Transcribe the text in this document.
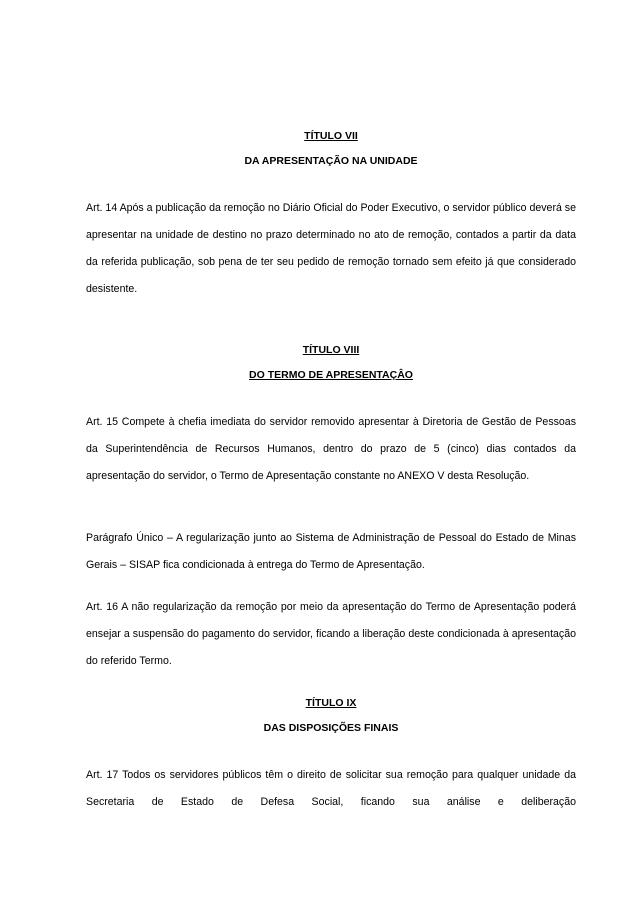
TÍTULO VII
DA APRESENTAÇÃO NA UNIDADE
Art. 14 Após a publicação da remoção no Diário Oficial do Poder Executivo, o servidor público deverá se apresentar na unidade de destino no prazo determinado no ato de remoção, contados a partir da data da referida publicação, sob pena de ter seu pedido de remoção tornado sem efeito já que considerado desistente.
TÍTULO VIII
DO TERMO DE APRESENTAÇÂO
Art. 15 Compete à chefia imediata do servidor removido apresentar à Diretoria de Gestão de Pessoas da Superintendência de Recursos Humanos, dentro do prazo de 5 (cinco) dias contados da apresentação do servidor, o Termo de Apresentação constante no ANEXO V desta Resolução.
Parágrafo Único – A regularização junto ao Sistema de Administração de Pessoal do Estado de Minas Gerais – SISAP fica condicionada à entrega do Termo de Apresentação.
Art. 16 A não regularização da remoção por meio da apresentação do Termo de Apresentação poderá ensejar a suspensão do pagamento do servidor, ficando a liberação deste condicionada à apresentação do referido Termo.
TÍTULO IX
DAS DISPOSIÇÕES FINAIS
Art. 17 Todos os servidores públicos têm o direito de solicitar sua remoção para qualquer unidade da Secretaria de Estado de Defesa Social, ficando sua análise e deliberação
